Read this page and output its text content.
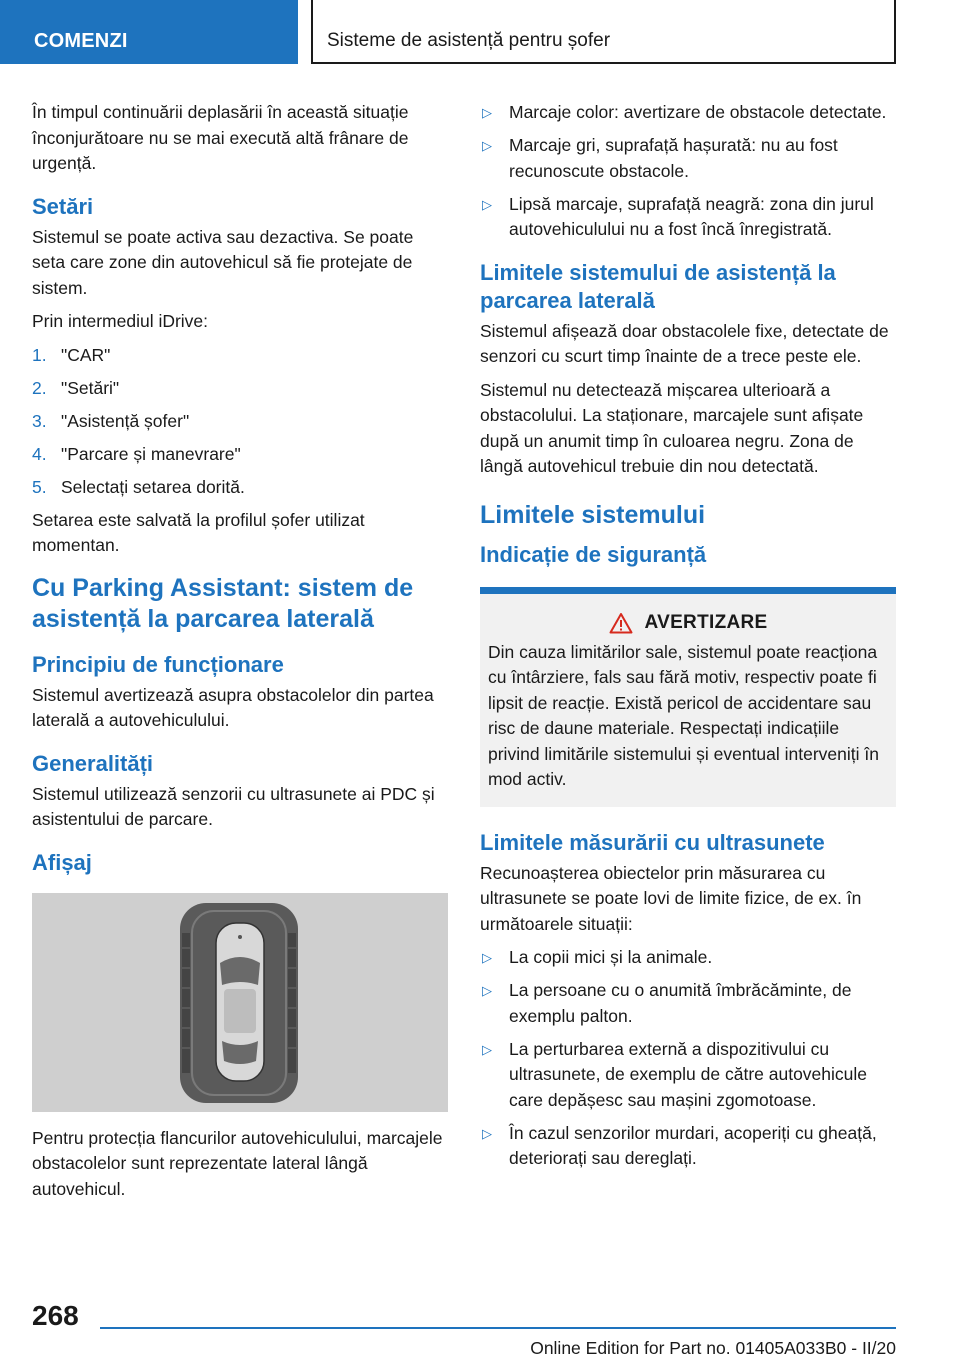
COMENZI	Sisteme de asistență pentru șofer

În timpul continuării deplasării în această situație înconjurătoare nu se mai execută altă frânare de urgență.

Setări

Sistemul se poate activa sau dezactiva. Se poate seta care zone din autovehicul să fie protejate de sistem.

Prin intermediul iDrive:

1. "CAR"
2. "Setări"
3. "Asistență șofer"
4. "Parcare și manevrare"
5. Selectați setarea dorită.

Setarea este salvată la profilul șofer utilizat momentan.

Cu Parking Assistant: sistem de asistență la parcarea laterală
Principiu de funcționare

Sistemul avertizează asupra obstacolelor din partea laterală a autovehiculului.

Generalități

Sistemul utilizează senzorii cu ultrasunete ai PDC și asistentului de parcare.

Afișaj

Pentru protecția flancurilor autovehiculului, marcajele obstacolelor sunt reprezentate lateral lângă autovehicul.

▷ Marcaje color: avertizare de obstacole detectate.
▷ Marcaje gri, suprafață hașurată: nu au fost recunoscute obstacole.
▷ Lipsă marcaje, suprafață neagră: zona din jurul autovehiculului nu a fost încă înregistrată.
Limitele sistemului de asistență la parcarea laterală

Sistemul afișează doar obstacolele fixe, detectate de senzori cu scurt timp înainte de a trece peste ele.

Sistemul nu detectează mișcarea ulterioară a obstacolului. La staționare, marcajele sunt afișate după un anumit timp în culoarea negru. Zona de lângă autovehicul trebuie din nou detectată.

Limitele sistemului
Indicație de siguranță
AVERTIZARE

Din cauza limitărilor sale, sistemul poate reacționa cu întârziere, fals sau fără motiv, respectiv poate fi lipsit de reacție. Există pericol de accidentare sau risc de daune materiale. Respectați indicațiile privind limitările sistemului și eventual interveniți în mod activ.

Limitele măsurării cu ultrasunete

Recunoașterea obiectelor prin măsurarea cu ultrasunete se poate lovi de limite fizice, de ex. în următoarele situații:

▷ La copii mici și la animale.
▷ La persoane cu o anumită îmbrăcăminte, de exemplu palton.
▷ La perturbarea externă a dispozitivului cu ultrasunete, de exemplu de către autovehicule care depășesc sau mașini zgomotoase.
▷ În cazul senzorilor murdari, acoperiți cu gheață, deteriorați sau dereglați.
268
Online Edition for Part no. 01405A033B0 - II/20
